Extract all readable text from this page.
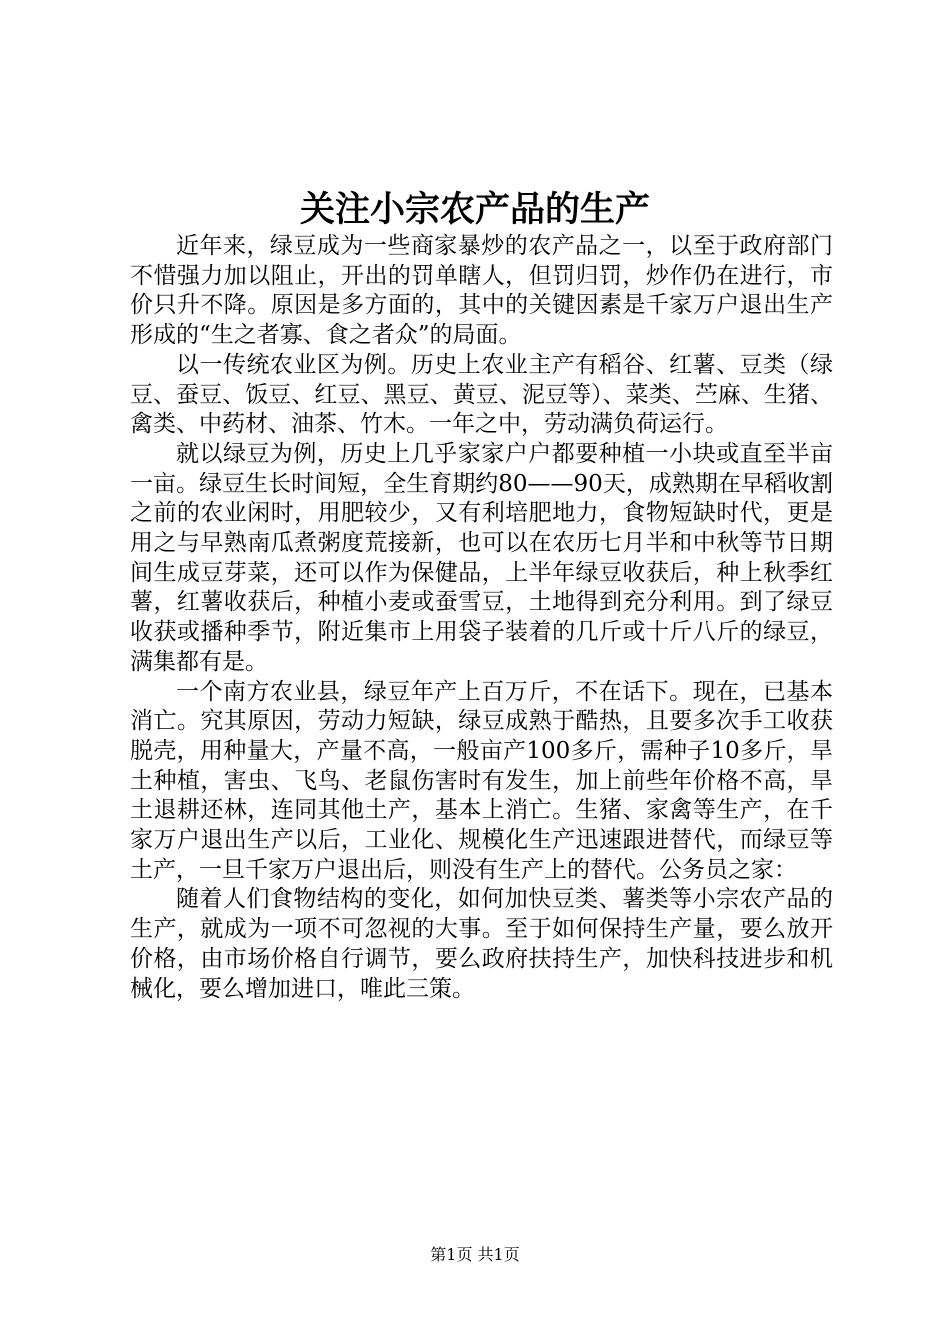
关注小宗农产品的生产

近年来，绿豆成为一些商家暴炒的农产品之一，以至于政府部门不惜强力加以阻止，开出的罚单瞎人，但罚归罚，炒作仍在进行，市价只升不降。原因是多方面的，其中的关键因素是千家万户退出生产形成的“生之者寡、食之者众”的局面。

以一传统农业区为例。历史上农业主产有稻谷、红薯、豆类（绿豆、蚕豆、饭豆、红豆、黑豆、黄豆、泥豆等）、菜类、苎麻、生猪、禽类、中药材、油茶、竹木。一年之中，劳动满负荷运行。

就以绿豆为例，历史上几乎家家户户都要种植一小块或直至半亩一亩。绿豆生长时间短，全生育期约80——90天，成熟期在早稻收割之前的农业闲时，用肥较少，又有利培肥地力，食物短缺时代，更是用之与早熟南瓜煮粥度荒接新，也可以在农历七月半和中秋等节日期间生成豆芽菜，还可以作为保健品，上半年绿豆收获后，种上秋季红薯，红薯收获后，种植小麦或蚕雪豆，土地得到充分利用。到了绿豆收获或播种季节，附近集市上用袋子装着的几斤或十斤八斤的绿豆，满集都有是。

一个南方农业县，绿豆年产上百万斤，不在话下。现在，已基本消亡。究其原因，劳动力短缺，绿豆成熟于酷热，且要多次手工收获脱壳，用种量大，产量不高，一般亩产100多斤，需种子10多斤，旱土种植，害虫、飞鸟、老鼠伤害时有发生，加上前些年价格不高，旱土退耕还林，连同其他土产，基本上消亡。生猪、家禽等生产，在千家万户退出生产以后，工业化、规模化生产迅速跟进替代，而绿豆等土产，一旦千家万户退出后，则没有生产上的替代。公务员之家：

随着人们食物结构的变化，如何加快豆类、薯类等小宗农产品的生产，就成为一项不可忽视的大事。至于如何保持生产量，要么放开价格，由市场价格自行调节，要么政府扶持生产，加快科技进步和机械化，要么增加进口，唯此三策。

第1页 共1页
